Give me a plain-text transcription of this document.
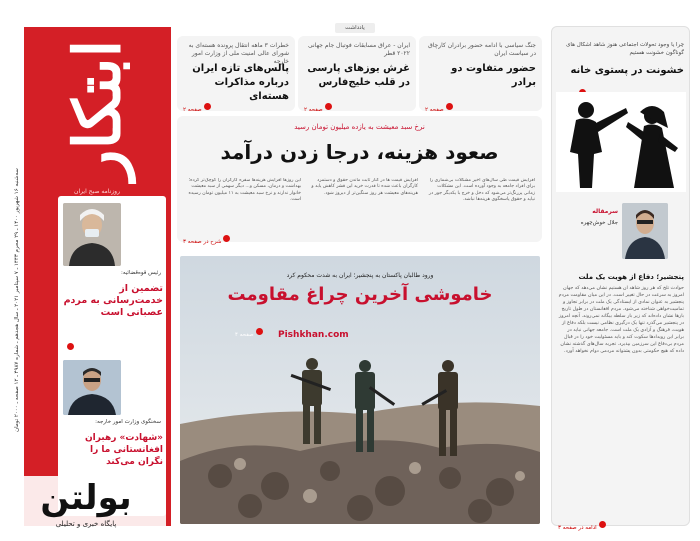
ابتکار
روزنامه صبح ایران
سه‌شنبه ۱۶ شهریور ۱۴۰۰ ـ ۲۹ محرم ۱۴۴۳ ـ ۷ سپتامبر ۲۰۲۱ ـ سال هجدهم ـ شماره ۴۹۸۷ ـ ۱۲ صفحه ـ ۲۰۰۰ تومان
رئیس قوه‌قضائیه:
تضمین از خدمت‌رسانی به مردم عصبانی است
سخنگوی وزارت امور خارجه:
«شهادت» رهبران افغانستانی ما را نگران می‌کند
یادداشت
جنگ سیاسی با ادامه حضور برادران کارچاق در سیاست ایران
حضور متفاوت دو برادر
صفحه ۲
ایران - عراق مسابقات فوتبال جام جهانی ۲۰۲۲ قطر
غرش یوزهای پارسی در قلب خلیج‌فارس
صفحه ۲
خطرات ۳ ماهه انتقال پرونده هسته‌ای به شورای عالی امنیت ملی از وزارت امور خارجه
پالس‌های تازه ایران درباره مذاکرات هسته‌ای
صفحه ۲
نرخ سبد معیشت به یازده میلیون تومان رسید
صعود هزینه، درجا زدن درآمد
افزایش قیمت طی سال‌های اخیر مشکلات بی‌شماری را برای افراد جامعه به وجود آورده است. این مشکلات زمانی پررنگ‌تر می‌شود که دخل و خرج با یکدیگر جور در نیاید و حقوق پاسخگوی هزینه‌ها نباشد.
افزایش قیمت ها در کنار ثابت ماندن حقوق و دستمزد کارگران باعث شده تا قدرت خرید این قشر کاهش یابد و هزینه‌های معیشت هر روز سنگین‌تر از دیروز شود.
این روزها افزایش هزینه‌ها سفره کارگران را کوچک‌تر کرده؛ بهداشت و درمان، مسکن و... دیگر سهمی از سبد معیشت خانوار ندارند و نرخ سبد معیشت به ۱۱ میلیون تومان رسیده است.
شرح در صفحه ۳
ورود طالبان پاکستان به پنجشیر؛ ایران به شدت محکوم کرد
خاموشی آخرین چراغ مقاومت
صفحه ۴	Pishkhan.com
چرا یا وجود تحولات اجتماعی هنوز شاهد اشکال های گوناگون خشونت هستیم
خشونت در پستوی خانه
سرمقاله
جلال خوش‌چهره
پنجشیر؛ دفاع از هویت یک ملت
حوادث تلخ که هر روز شاهد آن هستیم نشان می‌دهد که جهان امروز به سرعت در حال تغییر است. در این میان مقاومت مردم پنجشیر به عنوان نمادی از ایستادگی یک ملت در برابر تجاوز و تمامیت‌خواهی شناخته می‌شود. مردم افغانستان در طول تاریخ بارها نشان داده‌اند که زیر بار سلطه بیگانه نمی‌روند. آنچه امروز در پنجشیر می‌گذرد تنها یک درگیری نظامی نیست بلکه دفاع از هویت، فرهنگ و آزادی یک ملت است. جامعه جهانی نباید در برابر این رویدادها سکوت کند و باید مسئولیت خود را در قبال مردم بی‌دفاع این سرزمین بپذیرد. تجربه سال‌های گذشته نشان داده که هیچ حکومتی بدون پشتوانه مردمی دوام نخواهد آورد.
ادامه در صفحه ۳
بولتن
پایگاه خبری و تحلیلی
